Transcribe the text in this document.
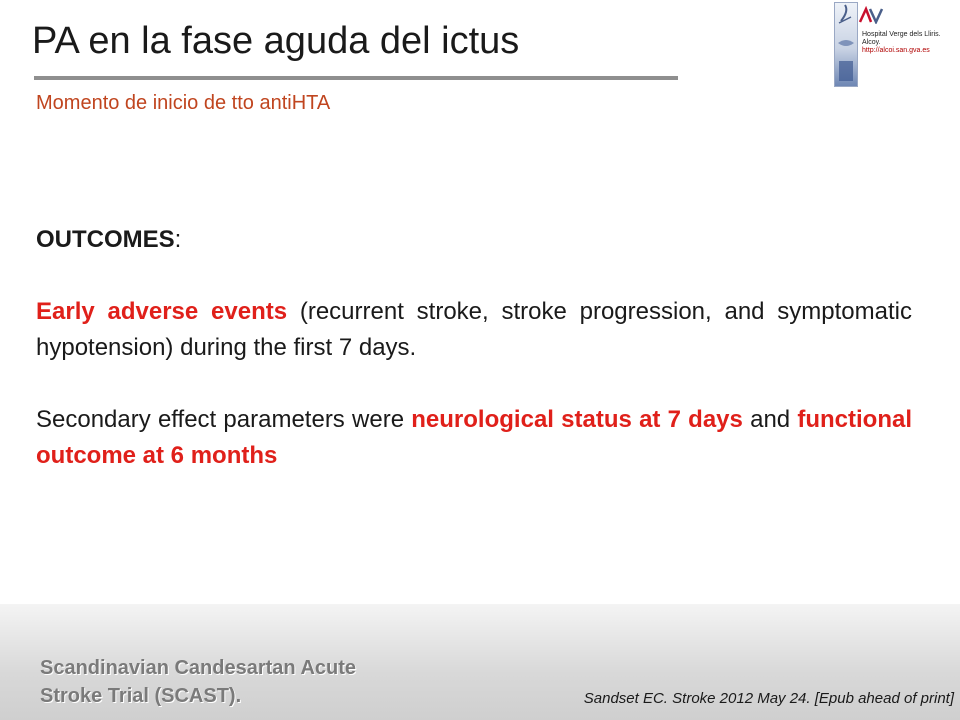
PA en la fase aguda del ictus
Momento de inicio de tto antiHTA
Hospital Verge dels Lliris.
Alcoy.
http://alcoi.san.gva.es

OUTCOMES:

Early adverse events (recurrent stroke, stroke progression, and symptomatic hypotension) during the first 7 days.

Secondary effect parameters were neurological status at 7 days and functional outcome at 6 months

Scandinavian Candesartan Acute
Stroke Trial (SCAST).	Sandset EC. Stroke 2012 May 24. [Epub ahead of print]
